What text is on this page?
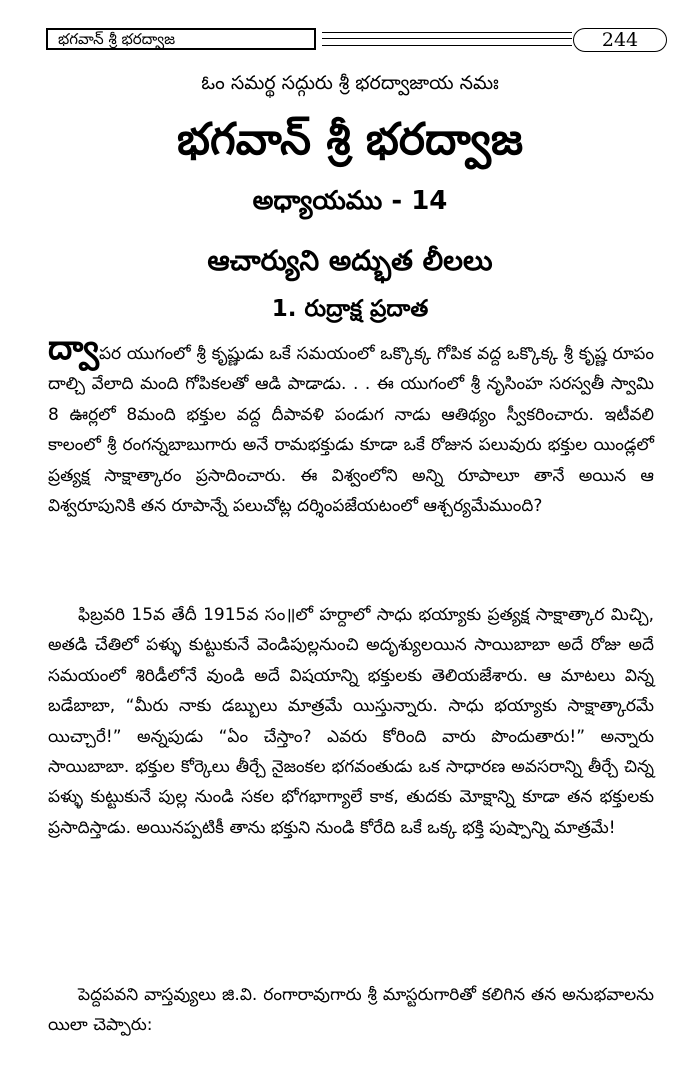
భగవాన్ శ్రీ భరద్వాజ	244
ఓం సమర్థ సద్గురు శ్రీ భరద్వాజాయ నమః
భగవాన్ శ్రీ భరద్వాజ
అధ్యాయము - 14
ఆచార్యుని అద్భుత లీలలు
1. రుద్రాక్ష ప్రదాత

ద్వాపర యుగంలో శ్రీ కృష్ణుడు ఒకే సమయంలో ఒక్కొక్క గోపిక వద్ద ఒక్కొక్క శ్రీ కృష్ణ రూపం దాల్చి వేలాది మంది గోపికలతో ఆడి పాడాడు. . . ఈ యుగంలో శ్రీ నృసింహ సరస్వతీ స్వామి 8 ఊర్లలో 8మంది భక్తుల వద్ద దీపావళి పండుగ నాడు ఆతిథ్యం స్వీకరించారు. ఇటీవలి కాలంలో శ్రీ రంగన్నబాబుగారు అనే రామభక్తుడు కూడా ఒకే రోజున పలువురు భక్తుల యిండ్లలో ప్రత్యక్ష సాక్షాత్కారం ప్రసాదించారు. ఈ విశ్వంలోని అన్ని రూపాలూ తానే అయిన ఆ విశ్వరూపునికి తన రూపాన్నే పలుచోట్ల దర్శింపజేయటంలో ఆశ్చర్యమేముంది?

ఫిబ్రవరి 15వ తేదీ 1915వ సం॥లో హర్దాలో సాధు భయ్యాకు ప్రత్యక్ష సాక్షాత్కార మిచ్చి, అతడి చేతిలో పళ్ళు కుట్టుకునే వెండిపుల్లనుంచి అదృశ్యులయిన సాయిబాబా అదే రోజు అదే సమయంలో శిరిడీలోనే వుండి అదే విషయాన్ని భక్తులకు తెలియజేశారు. ఆ మాటలు విన్న బడేబాబా, “మీరు నాకు డబ్బులు మాత్రమే యిస్తున్నారు. సాధు భయ్యాకు సాక్షాత్కారమే యిచ్చారే!” అన్నపుడు “ఏం చేస్తాం? ఎవరు కోరింది వారు పొందుతారు!” అన్నారు సాయిబాబా. భక్తుల కోర్కెలు తీర్చే నైజంకల భగవంతుడు ఒక సాధారణ అవసరాన్ని తీర్చే చిన్న పళ్ళు కుట్టుకునే పుల్ల నుండి సకల భోగభాగ్యాలే కాక, తుదకు మోక్షాన్ని కూడా తన భక్తులకు ప్రసాదిస్తాడు. అయినప్పటికీ తాను భక్తుని నుండి కోరేది ఒకే ఒక్క భక్తి పుష్పాన్ని మాత్రమే!

పెద్దపవని వాస్తవ్యులు జి.వి. రంగారావుగారు శ్రీ మాస్టరుగారితో కలిగిన తన అనుభవాలను యిలా చెప్పారు:
